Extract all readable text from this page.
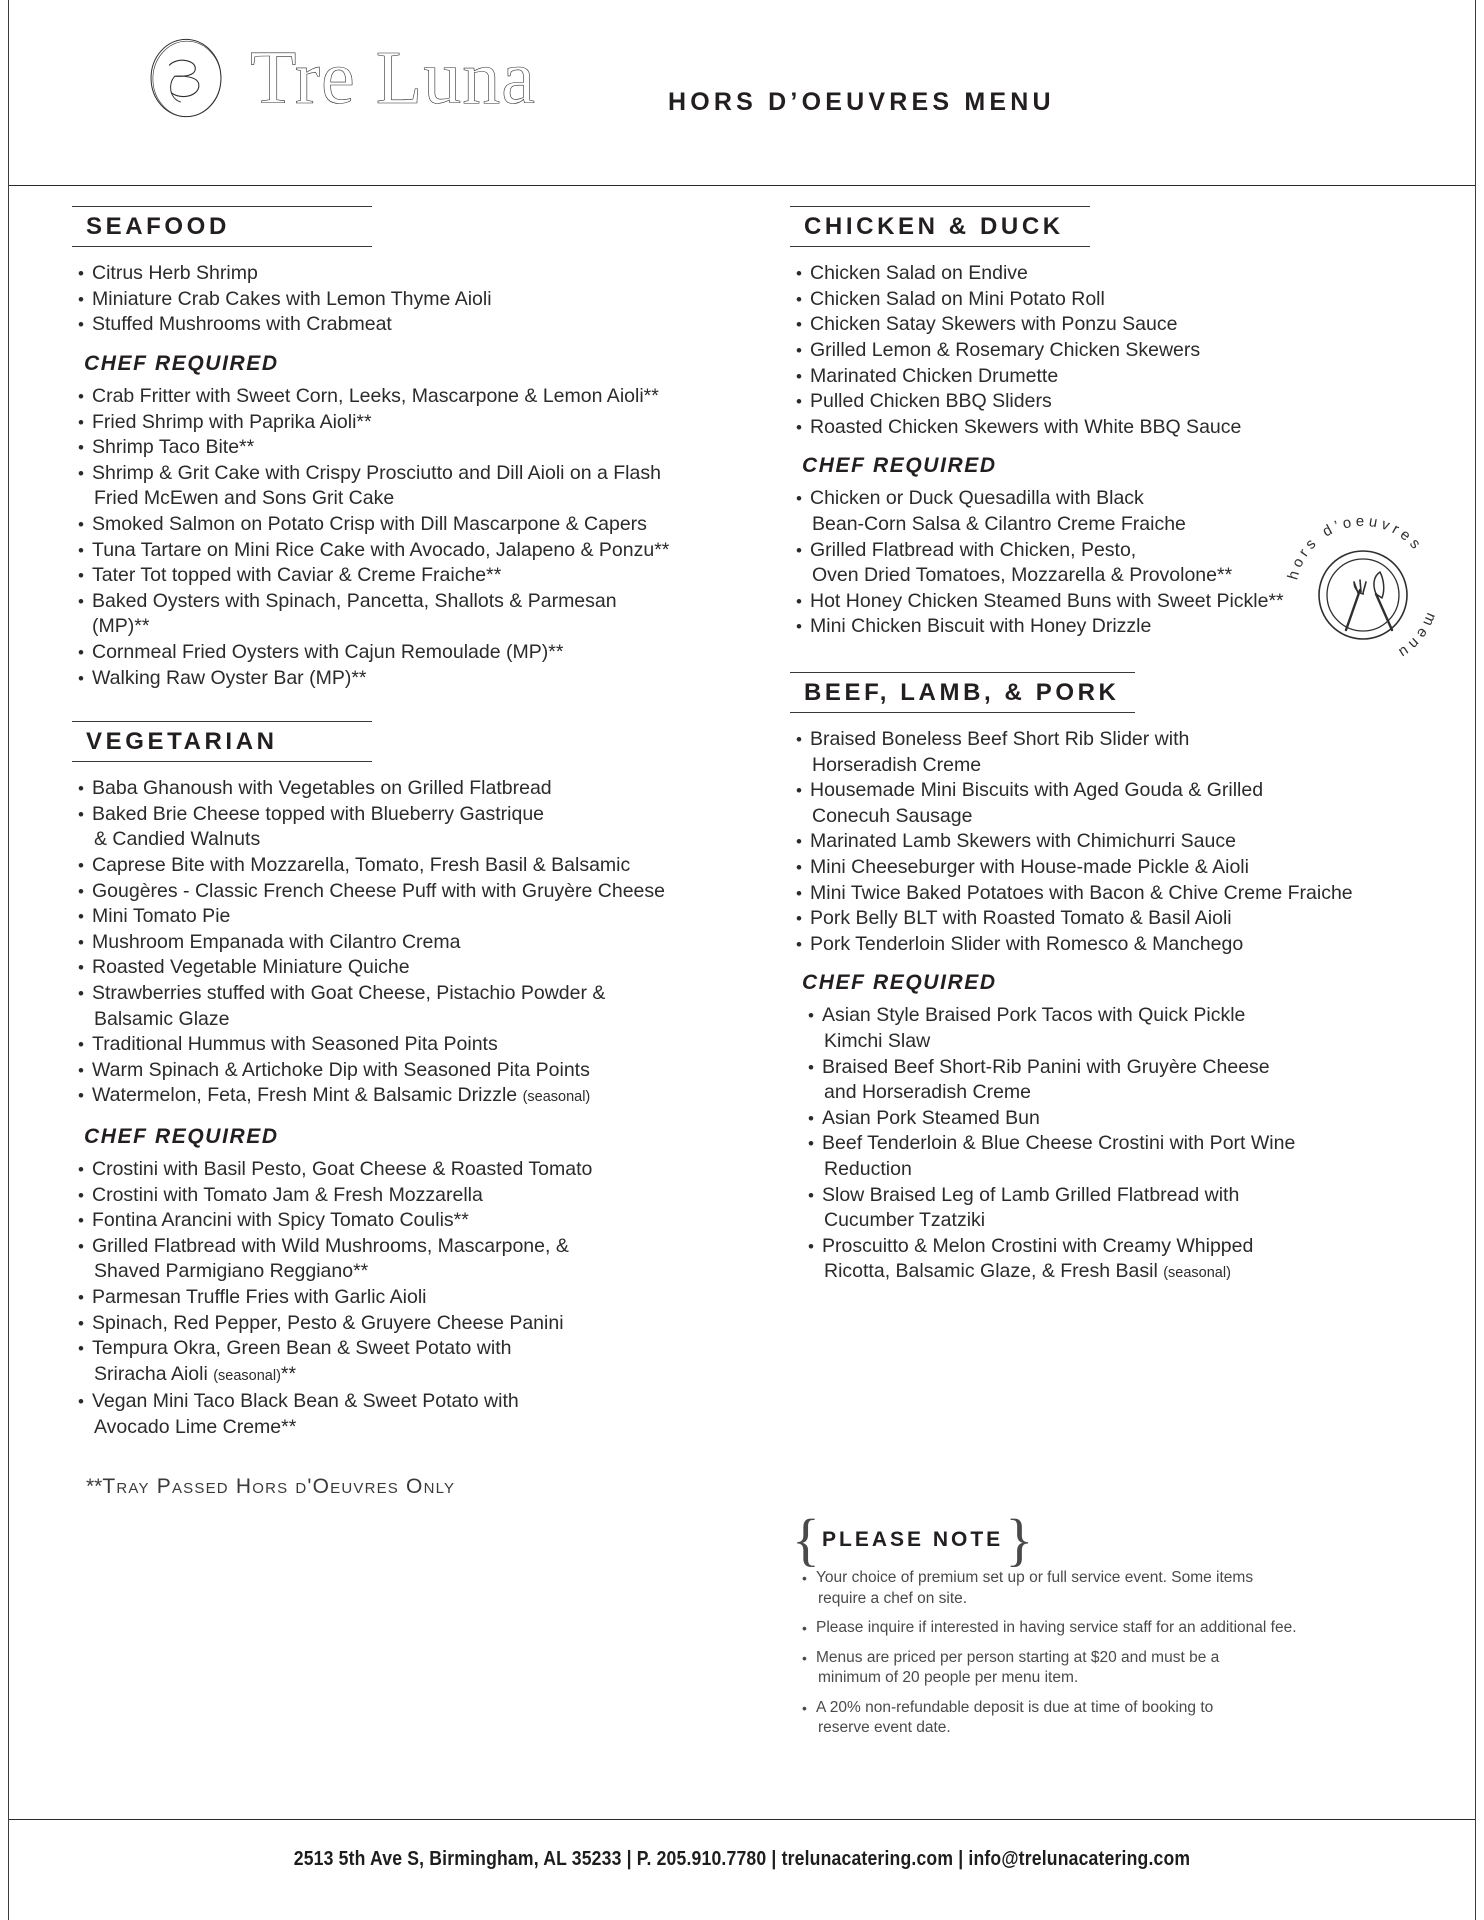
Tre Luna	HORS D’OEUVRES MENU
SEAFOOD
• Citrus Herb Shrimp
• Miniature Crab Cakes with Lemon Thyme Aioli
• Stuffed Mushrooms with Crabmeat
CHEF REQUIRED
• Crab Fritter with Sweet Corn, Leeks, Mascarpone & Lemon Aioli**
• Fried Shrimp with Paprika Aioli**
• Shrimp Taco Bite**
• Shrimp & Grit Cake with Crispy Prosciutto and Dill Aioli on a Flash
Fried McEwen and Sons Grit Cake
• Smoked Salmon on Potato Crisp with Dill Mascarpone & Capers
• Tuna Tartare on Mini Rice Cake with Avocado, Jalapeno & Ponzu**
• Tater Tot topped with Caviar & Creme Fraiche**
• Baked Oysters with Spinach, Pancetta, Shallots & Parmesan (MP)**
• Cornmeal Fried Oysters with Cajun Remoulade (MP)**
• Walking Raw Oyster Bar (MP)**
VEGETARIAN
• Baba Ghanoush with Vegetables on Grilled Flatbread
• Baked Brie Cheese topped with Blueberry Gastrique
& Candied Walnuts
• Caprese Bite with Mozzarella, Tomato, Fresh Basil & Balsamic
• Gougères - Classic French Cheese Puff with with Gruyère Cheese
• Mini Tomato Pie
• Mushroom Empanada with Cilantro Crema
• Roasted Vegetable Miniature Quiche
• Strawberries stuffed with Goat Cheese, Pistachio Powder &
Balsamic Glaze
• Traditional Hummus with Seasoned Pita Points
• Warm Spinach & Artichoke Dip with Seasoned Pita Points
• Watermelon, Feta, Fresh Mint & Balsamic Drizzle (seasonal)
CHEF REQUIRED
• Crostini with Basil Pesto, Goat Cheese & Roasted Tomato
• Crostini with Tomato Jam & Fresh Mozzarella
• Fontina Arancini with Spicy Tomato Coulis**
• Grilled Flatbread with Wild Mushrooms, Mascarpone, &
Shaved Parmigiano Reggiano**
• Parmesan Truffle Fries with Garlic Aioli
• Spinach, Red Pepper, Pesto & Gruyere Cheese Panini
• Tempura Okra, Green Bean & Sweet Potato with
Sriracha Aioli (seasonal)**
• Vegan Mini Taco Black Bean & Sweet Potato with
Avocado Lime Creme**
**Tray Passed Hors d'Oeuvres Only
CHICKEN & DUCK
• Chicken Salad on Endive
• Chicken Salad on Mini Potato Roll
• Chicken Satay Skewers with Ponzu Sauce
• Grilled Lemon & Rosemary Chicken Skewers
• Marinated Chicken Drumette
• Pulled Chicken BBQ Sliders
• Roasted Chicken Skewers with White BBQ Sauce
CHEF REQUIRED
• Chicken or Duck Quesadilla with Black
Bean-Corn Salsa & Cilantro Creme Fraiche
• Grilled Flatbread with Chicken, Pesto,
Oven Dried Tomatoes, Mozzarella & Provolone**
• Hot Honey Chicken Steamed Buns with Sweet Pickle**
• Mini Chicken Biscuit with Honey Drizzle
BEEF, LAMB, & PORK
• Braised Boneless Beef Short Rib Slider with
Horseradish Creme
• Housemade Mini Biscuits with Aged Gouda & Grilled
Conecuh Sausage
• Marinated Lamb Skewers with Chimichurri Sauce
• Mini Cheeseburger with House-made Pickle & Aioli
• Mini Twice Baked Potatoes with Bacon & Chive Creme Fraiche
• Pork Belly BLT with Roasted Tomato & Basil Aioli
• Pork Tenderloin Slider with Romesco & Manchego
CHEF REQUIRED
• Asian Style Braised Pork Tacos with Quick Pickle
Kimchi Slaw
• Braised Beef Short-Rib Panini with Gruyère Cheese
and Horseradish Creme
• Asian Pork Steamed Bun
• Beef Tenderloin & Blue Cheese Crostini with Port Wine
Reduction
• Slow Braised Leg of Lamb Grilled Flatbread with
Cucumber Tzatziki
• Proscuitto & Melon Crostini with Creamy Whipped
Ricotta, Balsamic Glaze, & Fresh Basil (seasonal)
hors d’oeuvres
menu
{ PLEASE NOTE }
• Your choice of premium set up or full service event. Some items
require a chef on site.
• Please inquire if interested in having service staff for an additional fee.
• Menus are priced per person starting at $20 and must be a
minimum of 20 people per menu item.
• A 20% non-refundable deposit is due at time of booking to
reserve event date.
2513 5th Ave S, Birmingham, AL 35233 | P. 205.910.7780 | trelunacatering.com | info@trelunacatering.com
